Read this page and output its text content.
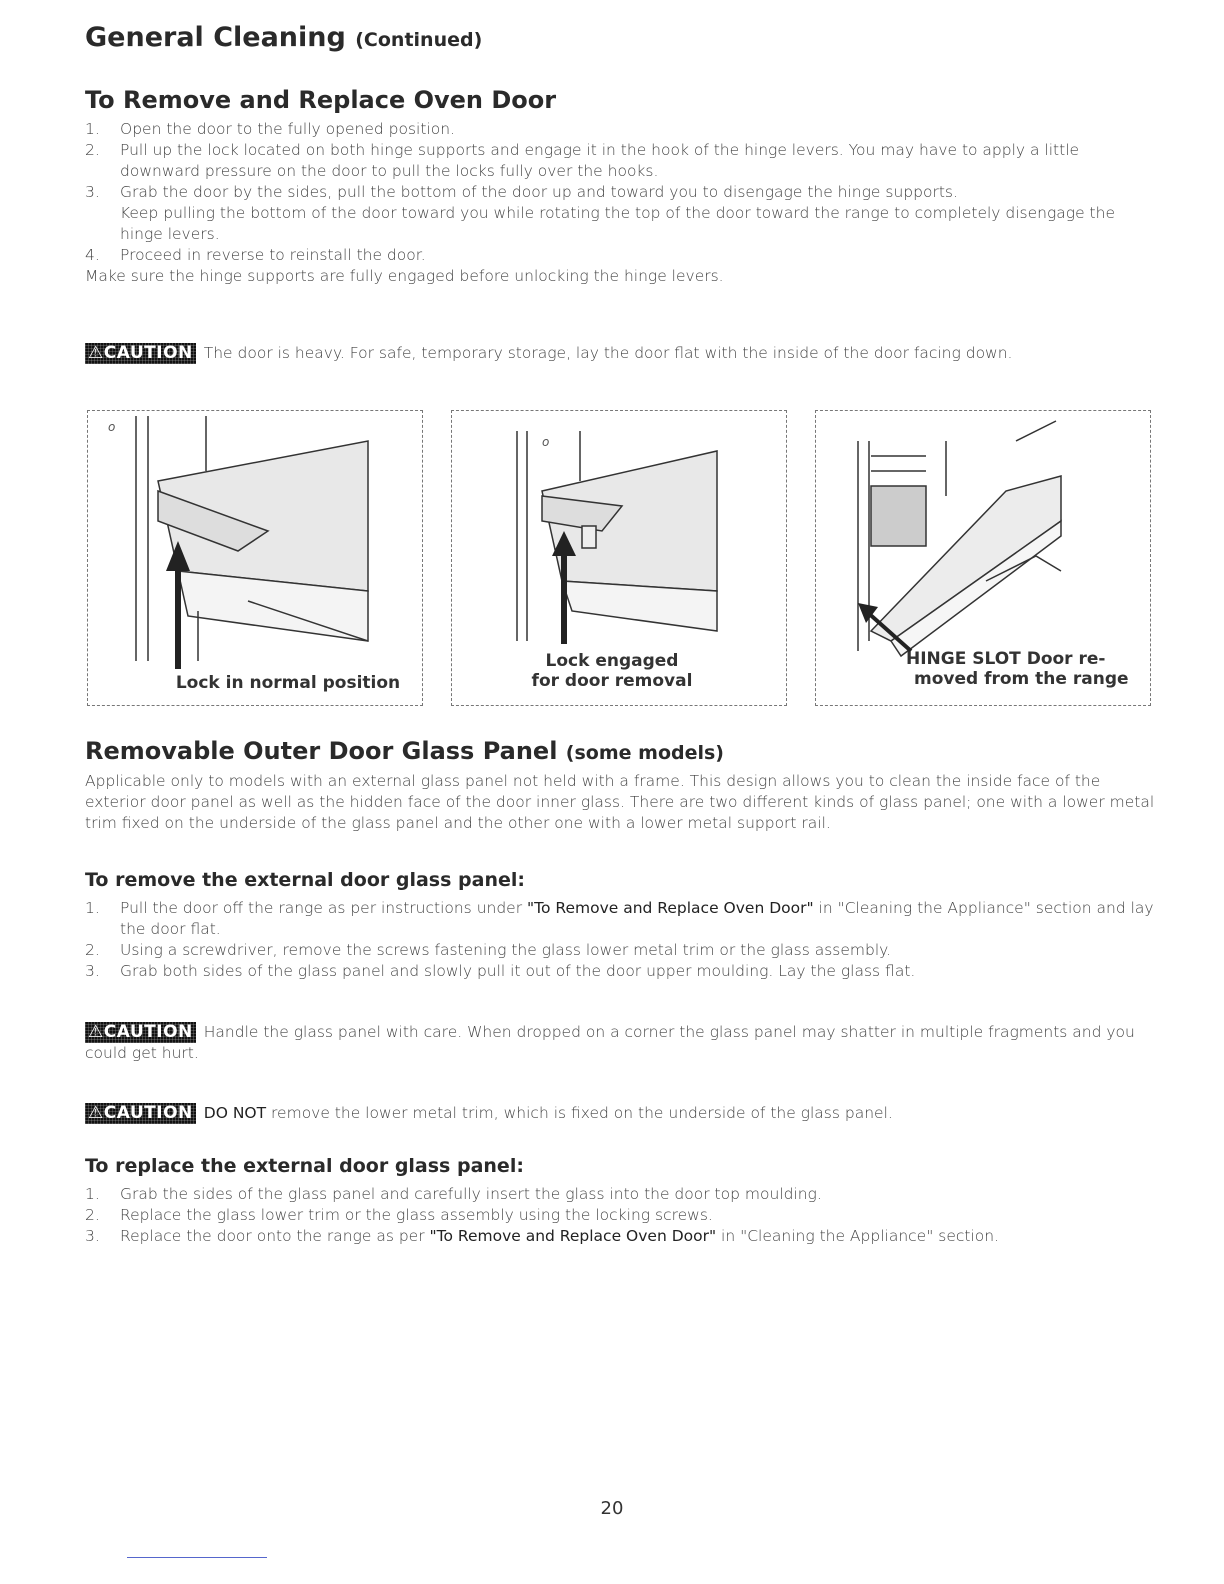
General Cleaning (Continued)
To Remove and Replace Oven Door
1. Open the door to the fully opened position.
2. Pull up the lock located on both hinge supports and engage it in the hook of the hinge levers. You may have to apply a little downward pressure on the door to pull the locks fully over the hooks.
3. Grab the door by the sides, pull the bottom of the door up and toward you to disengage the hinge supports.
Keep pulling the bottom of the door toward you while rotating the top of the door toward the range to completely disengage the hinge levers.
4. Proceed in reverse to reinstall the door.
Make sure the hinge supports are fully engaged before unlocking the hinge levers.
⚠CAUTION The door is heavy. For safe, temporary storage, lay the door flat with the inside of the door facing down.
o
Lock in normal position
o
Lock engaged
for door removal
HINGE SLOT Door re-
moved from the range
Removable Outer Door Glass Panel (some models)
Applicable only to models with an external glass panel not held with a frame. This design allows you to clean the inside face of the exterior door panel as well as the hidden face of the door inner glass. There are two different kinds of glass panel; one with a lower metal trim fixed on the underside of the glass panel and the other one with a lower metal support rail.
To remove the external door glass panel:
1. Pull the door off the range as per instructions under "To Remove and Replace Oven Door" in "Cleaning the Appliance" section and lay the door flat.
2. Using a screwdriver, remove the screws fastening the glass lower metal trim or the glass assembly.
3. Grab both sides of the glass panel and slowly pull it out of the door upper moulding. Lay the glass flat.
⚠CAUTION Handle the glass panel with care. When dropped on a corner the glass panel may shatter in multiple fragments and you could get hurt.
⚠CAUTION DO NOT remove the lower metal trim, which is fixed on the underside of the glass panel.
To replace the external door glass panel:
1. Grab the sides of the glass panel and carefully insert the glass into the door top moulding.
2. Replace the glass lower trim or the glass assembly using the locking screws.
3. Replace the door onto the range as per "To Remove and Replace Oven Door" in "Cleaning the Appliance" section.
20
